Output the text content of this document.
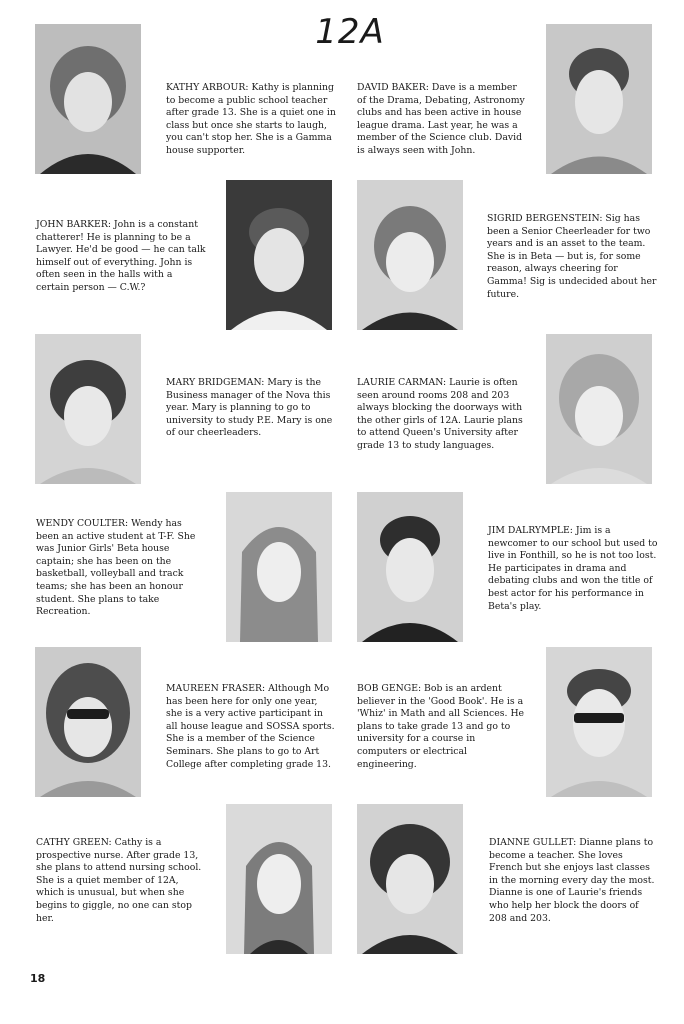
12A
KATHY ARBOUR: Kathy is planning to become a public school teacher after grade 13. She is a quiet one in class but once she starts to laugh, you can't stop her. She is a Gamma house supporter.
DAVID BAKER: Dave is a member of the Drama, Debating, Astronomy clubs and has been active in house league drama. Last year, he was a member of the Science club. David is always seen with John.
JOHN BARKER: John is a constant chatterer! He is planning to be a Lawyer. He'd be good — he can talk himself out of everything. John is often seen in the halls with a certain person — C.W.?
SIGRID BERGENSTEIN: Sig has been a Senior Cheerleader for two years and is an asset to the team. She is in Beta — but is, for some reason, always cheering for Gamma! Sig is undecided about her future.
MARY BRIDGEMAN: Mary is the Business manager of the Nova this year. Mary is planning to go to university to study P.E. Mary is one of our cheerleaders.
LAURIE CARMAN: Laurie is often seen around rooms 208 and 203 always blocking the doorways with the other girls of 12A. Laurie plans to attend Queen's University after grade 13 to study languages.
WENDY COULTER: Wendy has been an active student at T-F. She was Junior Girls' Beta house captain; she has been on the basketball, volleyball and track teams; she has been an honour student. She plans to take Recreation.
JIM DALRYMPLE: Jim is a newcomer to our school but used to live in Fonthill, so he is not too lost. He participates in drama and debating clubs and won the title of best actor for his performance in Beta's play.
MAUREEN FRASER: Although Mo has been here for only one year, she is a very active participant in all house league and SOSSA sports. She is a member of the Science Seminars. She plans to go to Art College after completing grade 13.
BOB GENGE: Bob is an ardent believer in the 'Good Book'. He is a 'Whiz' in Math and all Sciences. He plans to take grade 13 and go to university for a course in computers or electrical engineering.
CATHY GREEN: Cathy is a prospective nurse. After grade 13, she plans to attend nursing school. She is a quiet member of 12A, which is unusual, but when she begins to giggle, no one can stop her.
DIANNE GULLET: Dianne plans to become a teacher. She loves French but she enjoys last classes in the morning every day the most. Dianne is one of Laurie's friends who help her block the doors of 208 and 203.
18
